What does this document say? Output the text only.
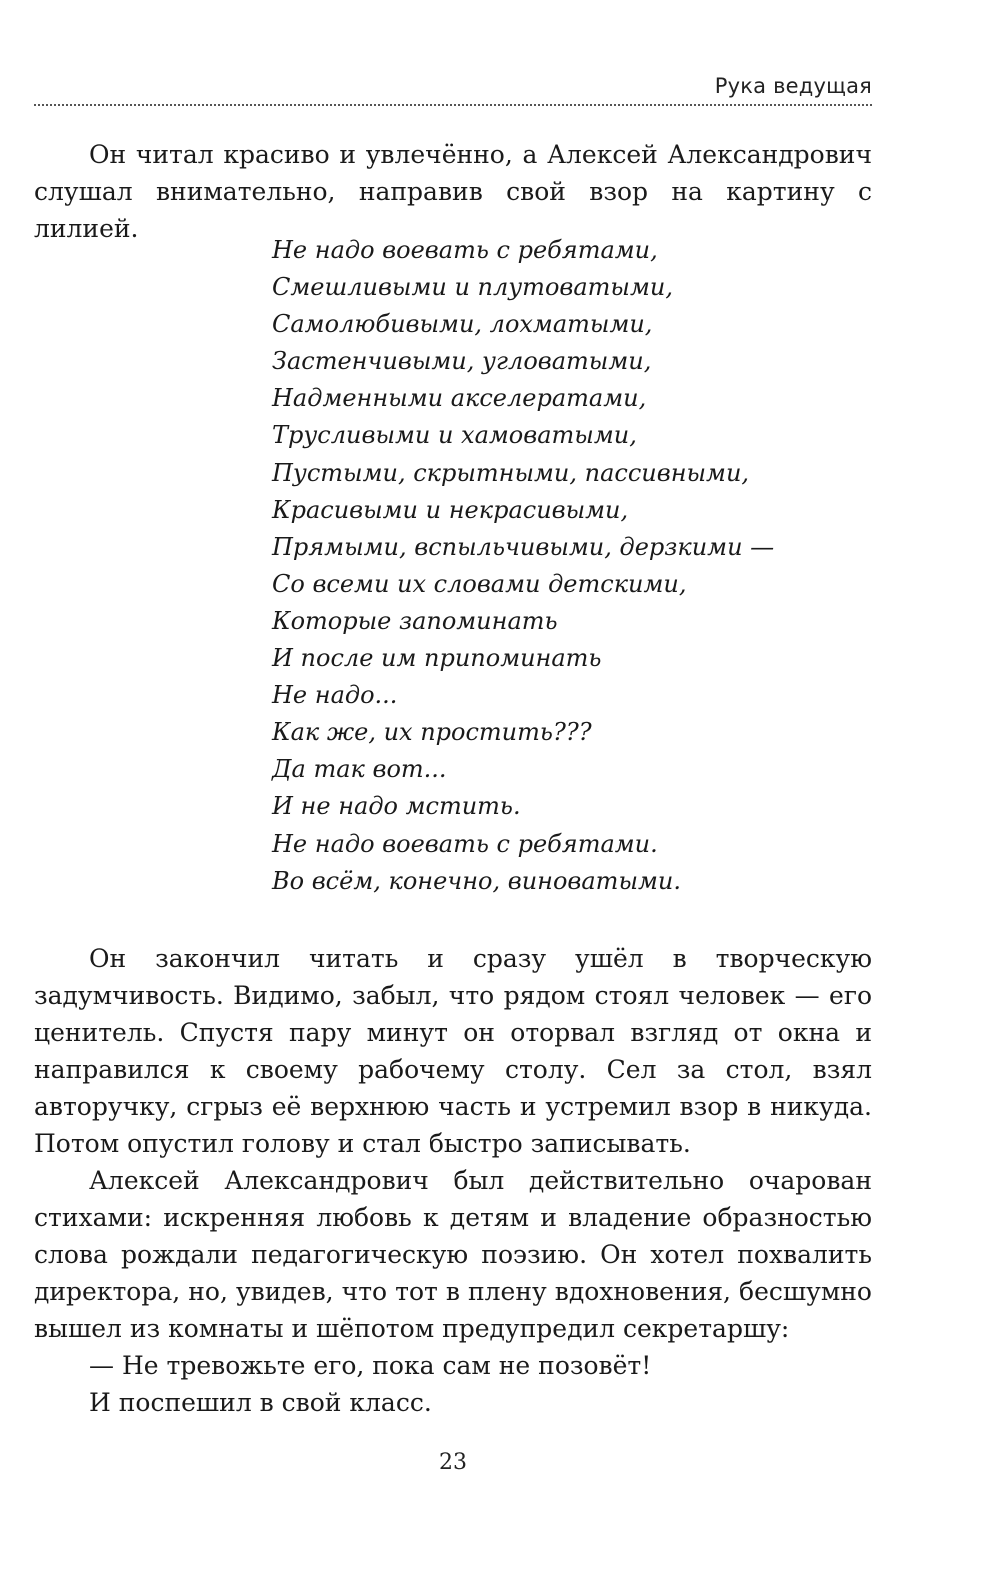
Рука ведущая

Он читал красиво и увлечённо, а Алексей Александрович слушал внимательно, направив свой взор на картину с лилией.

Не надо воевать с ребятами,
Смешливыми и плутоватыми,
Самолюбивыми, лохматыми,
Застенчивыми, угловатыми,
Надменными акселератами,
Трусливыми и хамоватыми,
Пустыми, скрытными, пассивными,
Красивыми и некрасивыми,
Прямыми, вспыльчивыми, дерзкими —
Со всеми их словами детскими,
Которые запоминать
И после им припоминать
Не надо...
Как же, их простить???
Да так вот...
И не надо мстить.
Не надо воевать с ребятами.
Во всём, конечно, виноватыми.

Он закончил читать и сразу ушёл в творческую задумчивость. Видимо, забыл, что рядом стоял человек — его ценитель. Спустя пару минут он оторвал взгляд от окна и направился к своему рабочему столу. Сел за стол, взял авторучку, сгрыз её верхнюю часть и устремил взор в никуда. Потом опустил голову и стал быстро записывать.

Алексей Александрович был действительно очарован стихами: искренняя любовь к детям и владение образностью слова рождали педагогическую поэзию. Он хотел похвалить директора, но, увидев, что тот в плену вдохновения, бесшумно вышел из комнаты и шёпотом предупредил секретаршу:

— Не тревожьте его, пока сам не позовёт!

И поспешил в свой класс.

23
